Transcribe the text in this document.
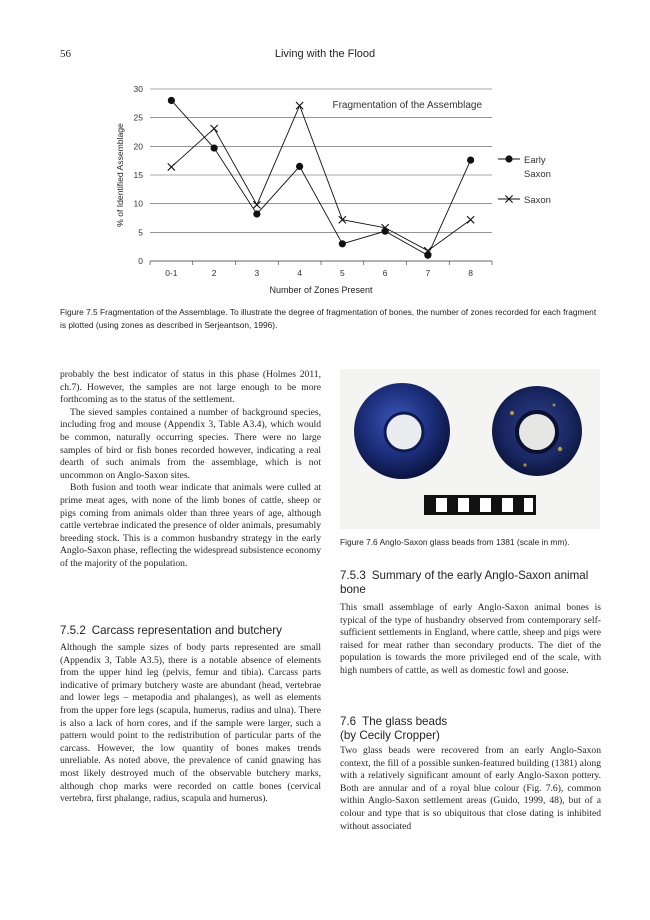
56	Living with the Flood
0
5
10
15
20
25
30
0-1	2	3	4	5	6	7	8
Number of Zones Present
% of Identified Assemblage
Fragmentation of the Assemblage
Early
Saxon
Saxon
Figure 7.5 Fragmentation of the Assemblage. To illustrate the degree of fragmentation of bones, the number of zones recorded for each fragment is plotted (using zones as described in Serjeantson, 1996).

probably the best indicator of status in this phase (Holmes 2011, ch.7). However, the samples are not large enough to be more forthcoming as to the status of the settlement.

The sieved samples contained a number of background species, including frog and mouse (Appendix 3, Table A3.4), which would be common, naturally occurring species. There were no large samples of bird or fish bones recorded however, indicating a real dearth of such animals from the assemblage, which is not uncommon on Anglo-Saxon sites.

Both fusion and tooth wear indicate that animals were culled at prime meat ages, with none of the limb bones of cattle, sheep or pigs coming from animals older than three years of age, although cattle vertebrae indicated the presence of older animals, presumably breeding stock. This is a common husbandry strategy in the early Anglo-Saxon phase, reflecting the widespread subsistence economy of the majority of the population.

7.5.2 Carcass representation and butchery

Although the sample sizes of body parts represented are small (Appendix 3, Table A3.5), there is a notable absence of elements from the upper hind leg (pelvis, femur and tibia). Carcass parts indicative of primary butchery waste are abundant (head, vertebrae and lower legs – metapodia and phalanges), as well as elements from the upper fore legs (scapula, humerus, radius and ulna). There is also a lack of horn cores, and if the sample were larger, such a pattern would point to the redistribution of particular parts of the carcass. However, the low quantity of bones makes trends unreliable. As noted above, the prevalence of canid gnawing has most likely destroyed much of the observable butchery marks, although chop marks were recorded on cattle bones (cervical vertebra, first phalange, radius, scapula and humerus).

Figure 7.6 Anglo-Saxon glass beads from 1381 (scale in mm).
7.5.3 Summary of the early Anglo-Saxon animal bone

This small assemblage of early Anglo-Saxon animal bones is typical of the type of husbandry observed from contemporary self-sufficient settlements in England, where cattle, sheep and pigs were raised for meat rather than secondary products. The diet of the population is towards the more privileged end of the scale, with high numbers of cattle, as well as domestic fowl and goose.

7.6 The glass beads
(by Cecily Cropper)

Two glass beads were recovered from an early Anglo-Saxon context, the fill of a possible sunken-featured building (1381) along with a relatively significant amount of early Anglo-Saxon pottery. Both are annular and of a royal blue colour (Fig. 7.6), common within Anglo-Saxon settlement areas (Guido, 1999, 48), but of a colour and type that is so ubiquitous that close dating is inhibited without associated
